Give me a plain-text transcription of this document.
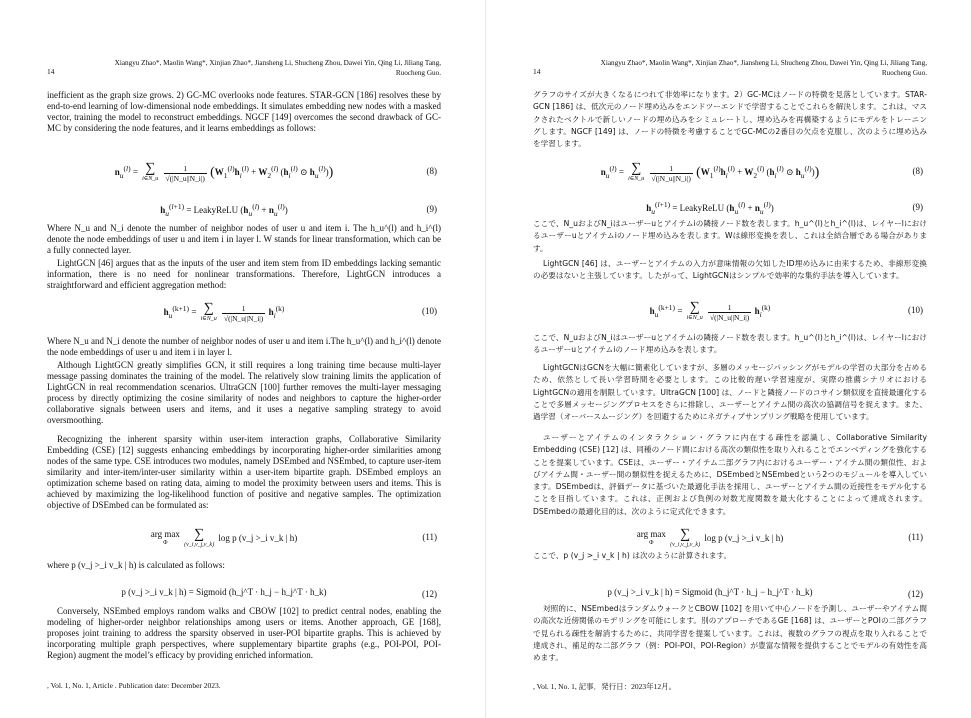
14
Xiangyu Zhao*, Maolin Wang*, Xinjian Zhao*, Jiansheng Li, Shucheng Zhou, Dawei Yin, Qing Li, Jiliang Tang,
Ruocheng Guo.

inefficient as the graph size grows. 2) GC-MC overlooks node features. STAR-GCN [186] resolves these by end-to-end learning of low-dimensional node embeddings. It simulates embedding new nodes with a masked vector, training the model to reconstruct embeddings. NGCF [149] overcomes the second drawback of GC-MC by considering the node features, and it learns embeddings as follows:

$n_u^{(l)}$ = ∑
i∈N_u
$\frac{1}{√(|N\_u||N\_i|)} (W_1^{(l)}h_i^{(l)} + W_2^{(l)}$ ($h_i^{(l)}$ ⊙ $h_u^{(l)}$))	(8)
$h_u^{(l+1)}$ = LeakyReLU $(h_u^{(l)} + n_u^{(l)})$	(9)

Where N_u and N_i denote the number of neighbor nodes of user u and item i. The h_u^(l) and h_i^(l) denote the node embeddings of user u and item i in layer l. W stands for linear transformation, which can be a fully connected layer.

LightGCN [46] argues that as the inputs of the user and item stem from ID embeddings lacking semantic information, there is no need for nonlinear transformations. Therefore, LightGCN introduces a straightforward and efficient aggregation method:

$h_u^{(k+1)}$ = ∑
i∈N_u
$\frac{1}{√(|N\_u||N\_i|)} h_i^{(k)}$	(10)

Where N_u and N_i denote the number of neighbor nodes of user u and item i.The h_u^(l) and h_i^(l) denote the node embeddings of user u and item i in layer l.

Although LightGCN greatly simplifies GCN, it still requires a long training time because multi-layer message passing dominates the training of the model. The relatively slow training limits the application of LightGCN in real recommendation scenarios. UltraGCN [100] further removes the multi-layer messaging process by directly optimizing the cosine similarity of nodes and neighbors to capture the higher-order collaborative signals between users and items, and it uses a negative sampling strategy to avoid oversmoothing.

Recognizing the inherent sparsity within user-item interaction graphs, Collaborative Similarity Embedding (CSE) [12] suggests enhancing embeddings by incorporating higher-order similarities among nodes of the same type. CSE introduces two modules, namely DSEmbed and NSEmbed, to capture user-item similarity and inter-item/inter-user similarity within a user-item bipartite graph. DSEmbed employs an optimization scheme based on rating data, aiming to model the proximity between users and items. This is achieved by maximizing the log-likelihood function of positive and negative samples. The optimization objective of DSEmbed can be formulated as:

arg max
Φ

∑
(v_i,v_j,v_k)
log p (v_j >_i v_k | h)	(11)

where p (v_j >_i v_k | h) is calculated as follows:

p (v_j >_i v_k | h) = Sigmoid (h_j^T · h_j − h_j^T · h_k)	(12)

Conversely, NSEmbed employs random walks and CBOW [102] to predict central nodes, enabling the modeling of higher-order neighbor relationships among users or items. Another approach, GE [168], proposes joint training to address the sparsity observed in user-POI bipartite graphs. This is achieved by incorporating multiple graph perspectives, where supplementary bipartite graphs (e.g., POI-POI, POI-Region) augment the model’s efficacy by providing enriched information.

, Vol. 1, No. 1, Article . Publication date: December 2023.
14
Xiangyu Zhao*, Maolin Wang*, Xinjian Zhao*, Jiansheng Li, Shucheng Zhou, Dawei Yin, Qing Li, Jiliang Tang,
Ruocheng Guo.

グラフのサイズが大きくなるにつれて非効率になります。2）GC-MCはノードの特徴を見落としています。STAR-GCN [186] は、低次元のノード埋め込みをエンドツーエンドで学習することでこれらを解決します。これは、マスクされたベクトルで新しいノードの埋め込みをシミュレートし、埋め込みを再構築するようにモデルをトレーニングします。NGCF [149] は、ノードの特徴を考慮することでGC-MCの2番目の欠点を克服し、次のように埋め込みを学習します。

$n_u^{(l)}$ = ∑
i∈N_u
$\frac{1}{√(|N\_u||N\_i|)} (W_1^{(l)}h_i^{(l)} + W_2^{(l)}$ ($h_i^{(l)}$ ⊙ $h_u^{(l)}$))	(8)
$h_u^{(l+1)}$ = LeakyReLU $(h_u^{(l)} + n_u^{(l)})$	(9)

ここで、N_uおよびN_iはユーザーuとアイテムiの隣接ノード数を表します。h_u^(l)とh_i^(l)は、レイヤーlにおけるユーザーuとアイテムiのノード埋め込みを表します。Wは線形変換を表し、これは全結合層である場合があります。

LightGCN [46] は、ユーザーとアイテムの入力が意味情報の欠如したID埋め込みに由来するため、非線形変換の必要はないと主張しています。したがって、LightGCNはシンプルで効率的な集約手法を導入しています。

$h_u^{(k+1)}$ = ∑
i∈N_u
$\frac{1}{√(|N\_u||N\_i|)} h_i^{(k)}$	(10)

ここで、N_uおよびN_iはユーザーuとアイテムiの隣接ノード数を表します。h_u^(l)とh_i^(l)は、レイヤーlにおけるユーザーuとアイテムiのノード埋め込みを表します。

LightGCNはGCNを大幅に簡素化していますが、多層のメッセージパッシングがモデルの学習の大部分を占めるため、依然として長い学習時間を必要とします。この比較的遅い学習速度が、実際の推薦シナリオにおけるLightGCNの適用を制限しています。UltraGCN [100] は、ノードと隣接ノードのコサイン類似度を直接最適化することで多層メッセージングプロセスをさらに排除し、ユーザーとアイテム間の高次の協調信号を捉えます。また、過学習（オーバースムージング）を回避するためにネガティブサンプリング戦略を使用しています。

ユーザーとアイテムのインタラクション・グラフに内在する疎性を認識し、Collaborative Similarity Embedding (CSE) [12] は、同種のノード間における高次の類似性を取り入れることでエンベディングを強化することを提案しています。CSEは、ユーザー・アイテム二部グラフ内におけるユーザー・アイテム間の類似性、およびアイテム間・ユーザー間の類似性を捉えるために、DSEmbedとNSEmbedという2つのモジュールを導入しています。DSEmbedは、評価データに基づいた最適化手法を採用し、ユーザーとアイテム間の近接性をモデル化することを目指しています。これは、正例および負例の対数尤度関数を最大化することによって達成されます。DSEmbedの最適化目的は、次のように定式化できます。

arg max
Φ

∑
(v_i,v_j,v_k)
log p (v_j >_i v_k | h)	(11)

ここで、p (v_j >_i v_k | h) は次のように計算されます。

p (v_j >_i v_k | h) = Sigmoid (h_j^T · h_j − h_j^T · h_k)	(12)

対照的に、NSEmbedはランダムウォークとCBOW [102] を用いて中心ノードを予測し、ユーザーやアイテム間の高次な近傍関係のモデリングを可能にします。別のアプローチであるGE [168] は、ユーザーとPOIの二部グラフで見られる疎性を解消するために、共同学習を提案しています。これは、複数のグラフの視点を取り入れることで達成され、補足的な二部グラフ（例：POI-POI、POI-Region）が豊富な情報を提供することでモデルの有効性を高めます。

, Vol. 1, No. 1, 記事．発行日：2023年12月。
